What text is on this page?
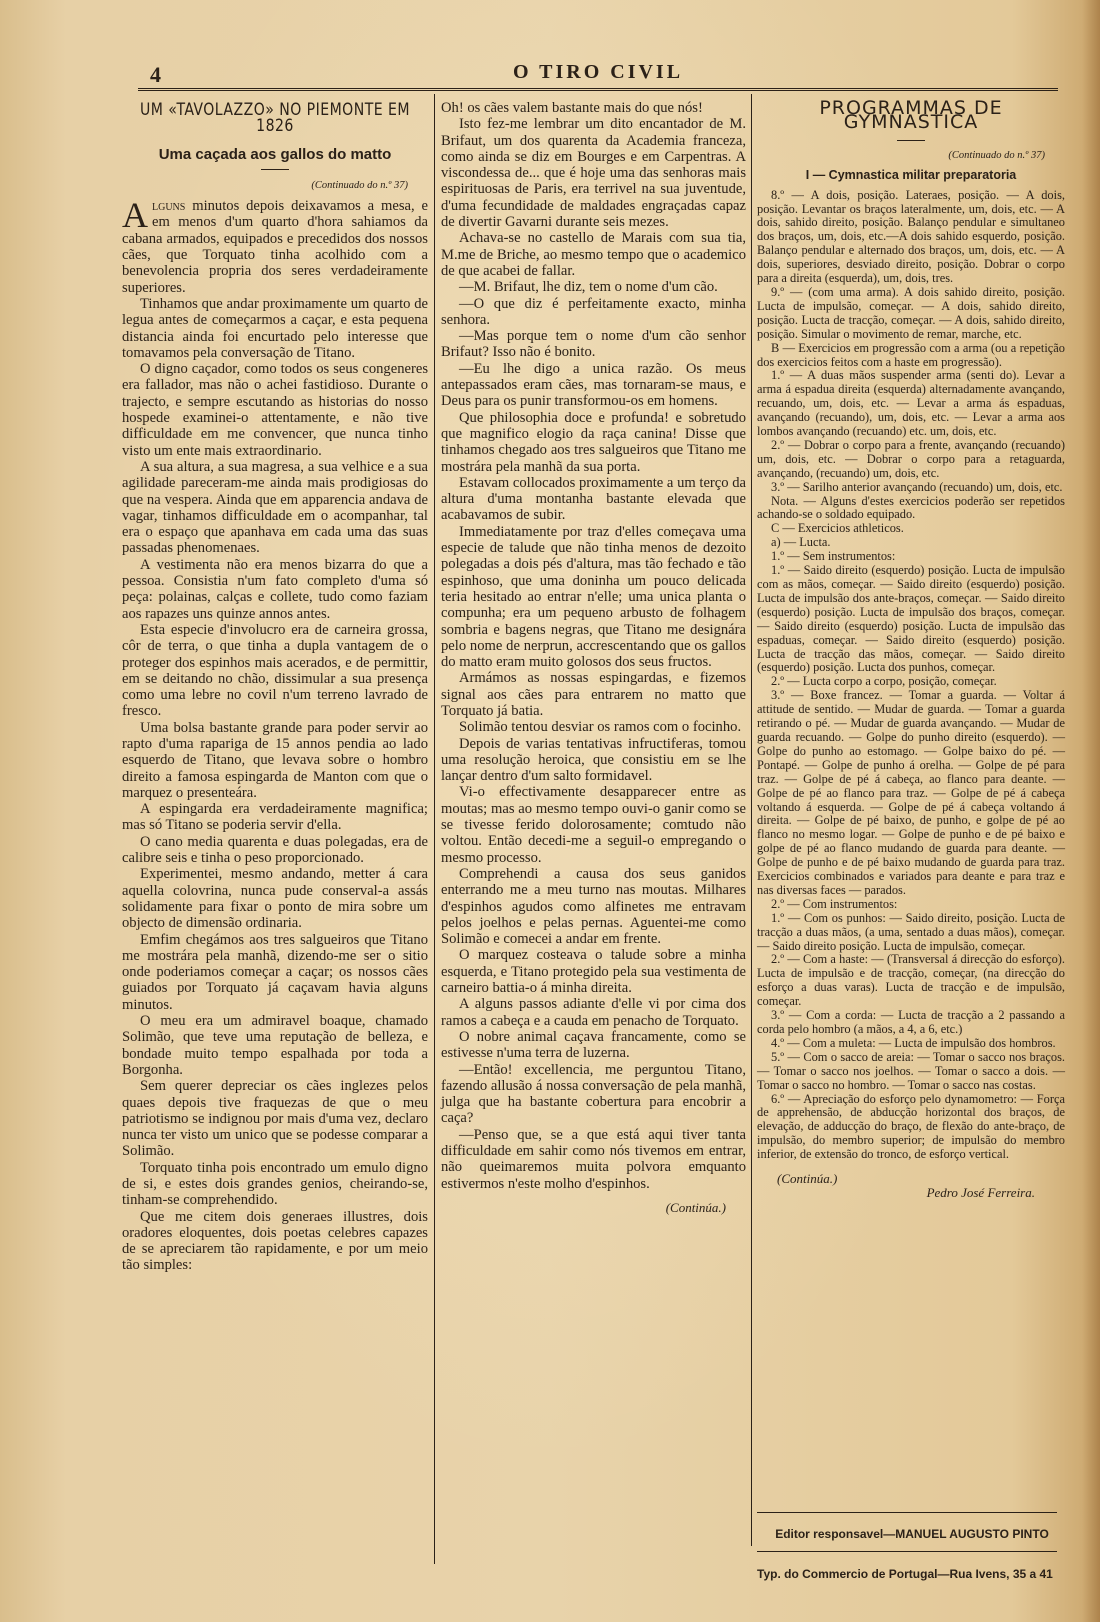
4	O TIRO CIVIL
UM «TAVOLAZZO» NO PIEMONTE EM 1826
Uma caçada aos gallos do matto
(Continuado do n.º 37)

Alguns minutos depois deixavamos a mesa, e em menos d'um quarto d'hora sahiamos da cabana armados, equipados e precedidos dos nossos cães, que Torquato tinha acolhido com a benevolencia propria dos seres verdadeiramente superiores.

Tinhamos que andar proximamente um quarto de legua antes de começarmos a caçar, e esta pequena distancia ainda foi encurtado pelo interesse que tomavamos pela conversação de Titano.

O digno caçador, como todos os seus congeneres era fallador, mas não o achei fastidioso. Durante o trajecto, e sempre escutando as historias do nosso hospede examinei-o attentamente, e não tive difficuldade em me convencer, que nunca tinho visto um ente mais extraordinario.

A sua altura, a sua magresa, a sua velhice e a sua agilidade pareceram-me ainda mais prodigiosas do que na vespera. Ainda que em apparencia andava de vagar, tinhamos difficuldade em o acompanhar, tal era o espaço que apanhava em cada uma das suas passadas phenomenaes.

A vestimenta não era menos bizarra do que a pessoa. Consistia n'um fato completo d'uma só peça: polainas, calças e collete, tudo como faziam aos rapazes uns quinze annos antes.

Esta especie d'involucro era de carneira grossa, côr de terra, o que tinha a dupla vantagem de o proteger dos espinhos mais acerados, e de permittir, em se deitando no chão, dissimular a sua presença como uma lebre no covil n'um terreno lavrado de fresco.

Uma bolsa bastante grande para poder servir ao rapto d'uma rapariga de 15 annos pendia ao lado esquerdo de Titano, que levava sobre o hombro direito a famosa espingarda de Manton com que o marquez o presenteára.

A espingarda era verdadeiramente magnifica; mas só Titano se poderia servir d'ella.

O cano media quarenta e duas polegadas, era de calibre seis e tinha o peso proporcionado.

Experimentei, mesmo andando, metter á cara aquella colovrina, nunca pude conserval-a assás solidamente para fixar o ponto de mira sobre um objecto de dimensão ordinaria.

Emfim chegámos aos tres salgueiros que Titano me mostrára pela manhã, dizendo-me ser o sitio onde poderiamos começar a caçar; os nossos cães guiados por Torquato já caçavam havia alguns minutos.

O meu era um admiravel boaque, chamado Solimão, que teve uma reputação de belleza, e bondade muito tempo espalhada por toda a Borgonha.

Sem querer depreciar os cães inglezes pelos quaes depois tive fraquezas de que o meu patriotismo se indignou por mais d'uma vez, declaro nunca ter visto um unico que se podesse comparar a Solimão.

Torquato tinha pois encontrado um emulo digno de si, e estes dois grandes genios, cheirando-se, tinham-se comprehendido.

Que me citem dois generaes illustres, dois oradores eloquentes, dois poetas celebres capazes de se apreciarem tão rapidamente, e por um meio tão simples:

Oh! os cães valem bastante mais do que nós!

Isto fez-me lembrar um dito encantador de M. Brifaut, um dos quarenta da Academia franceza, como ainda se diz em Bourges e em Carpentras. A viscondessa de... que é hoje uma das senhoras mais espirituosas de Paris, era terrivel na sua juventude, d'uma fecundidade de maldades engraçadas capaz de divertir Gavarni durante seis mezes.

Achava-se no castello de Marais com sua tia, M.me de Briche, ao mesmo tempo que o academico de que acabei de fallar.

—M. Brifaut, lhe diz, tem o nome d'um cão.

—O que diz é perfeitamente exacto, minha senhora.

—Mas porque tem o nome d'um cão senhor Brifaut? Isso não é bonito.

—Eu lhe digo a unica razão. Os meus antepassados eram cães, mas tornaram-se maus, e Deus para os punir transformou-os em homens.

Que philosophia doce e profunda! e sobretudo que magnifico elogio da raça canina! Disse que tinhamos chegado aos tres salgueiros que Titano me mostrára pela manhã da sua porta.

Estavam collocados proximamente a um terço da altura d'uma montanha bastante elevada que acabavamos de subir.

Immediatamente por traz d'elles começava uma especie de talude que não tinha menos de dezoito polegadas a dois pés d'altura, mas tão fechado e tão espinhoso, que uma doninha um pouco delicada teria hesitado ao entrar n'elle; uma unica planta o compunha; era um pequeno arbusto de folhagem sombria e bagens negras, que Titano me designára pelo nome de nerprun, accrescentando que os gallos do matto eram muito golosos dos seus fructos.

Armámos as nossas espingardas, e fizemos signal aos cães para entrarem no matto que Torquato já batia.

Solimão tentou desviar os ramos com o focinho.

Depois de varias tentativas infructiferas, tomou uma resolução heroica, que consistiu em se lhe lançar dentro d'um salto formidavel.

Vi-o effectivamente desapparecer entre as moutas; mas ao mesmo tempo ouvi-o ganir como se se tivesse ferido dolorosamente; comtudo não voltou. Então decedi-me a seguil-o empregando o mesmo processo.

Comprehendi a causa dos seus ganidos enterrando me a meu turno nas moutas. Milhares d'espinhos agudos como alfinetes me entravam pelos joelhos e pelas pernas. Aguentei-me como Solimão e comecei a andar em frente.

O marquez costeava o talude sobre a minha esquerda, e Titano protegido pela sua vestimenta de carneiro battia-o á minha direita.

A alguns passos adiante d'elle vi por cima dos ramos a cabeça e a cauda em penacho de Torquato.

O nobre animal caçava francamente, como se estivesse n'uma terra de luzerna.

—Então! excellencia, me perguntou Titano, fazendo allusão á nossa conversação de pela manhã, julga que ha bastante cobertura para encobrir a caça?

—Penso que, se a que está aqui tiver tanta difficuldade em sahir como nós tivemos em entrar, não queimaremos muita polvora emquanto estivermos n'este molho d'espinhos.

(Continúa.)
PROGRAMMAS DE GYMNASTICA
(Continuado do n.º 37)
I — Cymnastica militar preparatoria

8.º — A dois, posição. Lateraes, posição. — A dois, posição. Levantar os braços lateralmente, um, dois, etc. — A dois, sahido direito, posição. Balanço pendular e simultaneo dos braços, um, dois, etc.—A dois sahido esquerdo, posição. Balanço pendular e alternado dos braços, um, dois, etc. — A dois, superiores, desviado direito, posição. Dobrar o corpo para a direita (esquerda), um, dois, tres.

9.º — (com uma arma). A dois sahido direito, posição. Lucta de impulsão, começar. — A dois, sahido direito, posição. Lucta de tracção, começar. — A dois, sahido direito, posição. Simular o movimento de remar, marche, etc.

B — Exercicios em progressão com a arma (ou a repetição dos exercicios feitos com a haste em progressão).

1.º — A duas mãos suspender arma (senti do). Levar a arma á espadua direita (esquerda) alternadamente avançando, recuando, um, dois, etc. — Levar a arma ás espaduas, avançando (recuando), um, dois, etc. — Levar a arma aos lombos avançando (recuando) etc. um, dois, etc.

2.º — Dobrar o corpo para a frente, avançando (recuando) um, dois, etc. — Dobrar o corpo para a retaguarda, avançando, (recuando) um, dois, etc.

3.º — Sarilho anterior avançando (recuando) um, dois, etc.

Nota. — Alguns d'estes exercicios poderão ser repetidos achando-se o soldado equipado.

C — Exercicios athleticos.

a) — Lucta.

1.º — Sem instrumentos:

1.º — Saido direito (esquerdo) posição. Lucta de impulsão com as mãos, começar. — Saido direito (esquerdo) posição. Lucta de impulsão dos ante-braços, começar. — Saido direito (esquerdo) posição. Lucta de impulsão dos braços, começar. — Saido direito (esquerdo) posição. Lucta de impulsão das espaduas, começar. — Saido direito (esquerdo) posição. Lucta de tracção das mãos, começar. — Saido direito (esquerdo) posição. Lucta dos punhos, começar.

2.º — Lucta corpo a corpo, posição, começar.

3.º — Boxe francez. — Tomar a guarda. — Voltar á attitude de sentido. — Mudar de guarda. — Tomar a guarda retirando o pé. — Mudar de guarda avançando. — Mudar de guarda recuando. — Golpe do punho direito (esquerdo). — Golpe do punho ao estomago. — Golpe baixo do pé. — Pontapé. — Golpe de punho á orelha. — Golpe de pé para traz. — Golpe de pé á cabeça, ao flanco para deante. — Golpe de pé ao flanco para traz. — Golpe de pé á cabeça voltando á esquerda. — Golpe de pé á cabeça voltando á direita. — Golpe de pé baixo, de punho, e golpe de pé ao flanco no mesmo logar. — Golpe de punho e de pé baixo e golpe de pé ao flanco mudando de guarda para deante. — Golpe de punho e de pé baixo mudando de guarda para traz. Exercicios combinados e variados para deante e para traz e nas diversas faces — parados.

2.º — Com instrumentos:

1.º — Com os punhos: — Saido direito, posição. Lucta de tracção a duas mãos, (a uma, sentado a duas mãos), começar. — Saido direito posição. Lucta de impulsão, começar.

2.º — Com a haste: — (Transversal á direcção do esforço). Lucta de impulsão e de tracção, começar, (na direcção do esforço a duas varas). Lucta de tracção e de impulsão, começar.

3.º — Com a corda: — Lucta de tracção a 2 passando a corda pelo hombro (a mãos, a 4, a 6, etc.)

4.º — Com a muleta: — Lucta de impulsão dos hombros.

5.º — Com o sacco de areia: — Tomar o sacco nos braços. — Tomar o sacco nos joelhos. — Tomar o sacco a dois. — Tomar o sacco no hombro. — Tomar o sacco nas costas.

6.º — Apreciação do esforço pelo dynamometro: — Força de apprehensão, de abducção horizontal dos braços, de elevação, de adducção do braço, de flexão do ante-braço, de impulsão, do membro superior; de impulsão do membro inferior, de extensão do tronco, de esforço vertical.

(Continúa.)
Pedro José Ferreira.
Editor responsavel—MANUEL AUGUSTO PINTO
Typ. do Commercio de Portugal—Rua Ivens, 35 a 41
